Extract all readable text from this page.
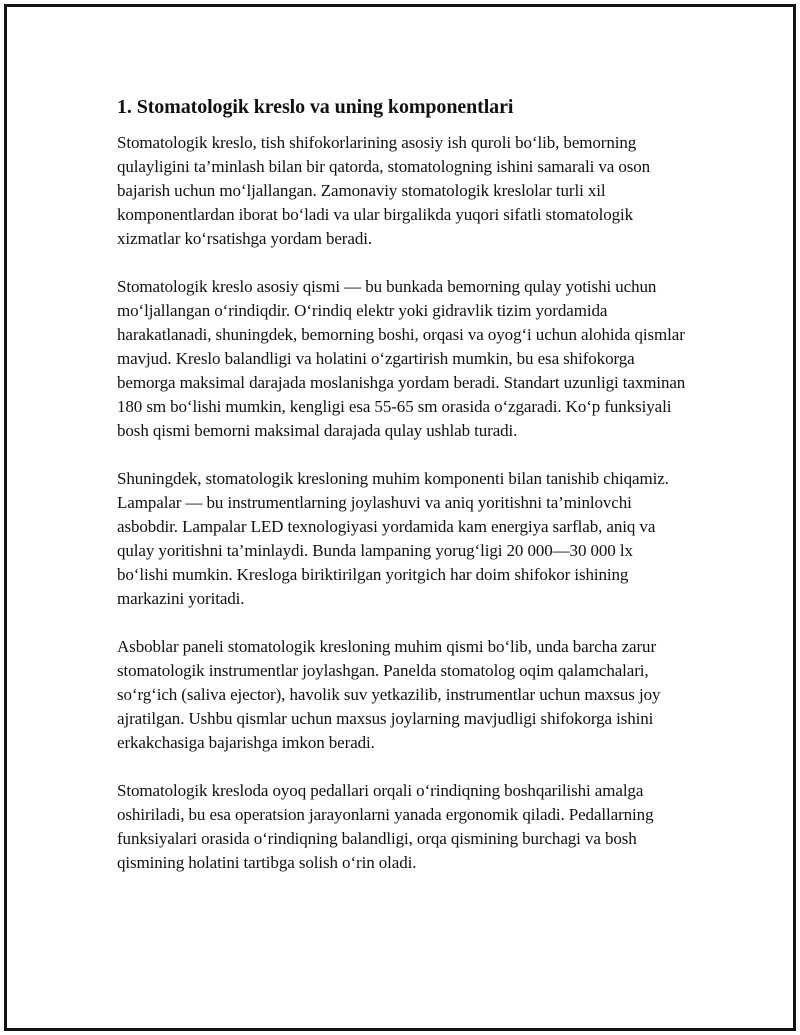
1. Stomatologik kreslo va uning komponentlari

Stomatologik kreslo, tish shifokorlarining asosiy ish quroli bo‘lib, bemorning qulayligini ta’minlash bilan bir qatorda, stomatologning ishini samarali va oson bajarish uchun mo‘ljallangan. Zamonaviy stomatologik kreslolar turli xil komponentlardan iborat bo‘ladi va ular birgalikda yuqori sifatli stomatologik xizmatlar ko‘rsatishga yordam beradi.

Stomatologik kreslo asosiy qismi — bu bunkada bemorning qulay yotishi uchun mo‘ljallangan o‘rindiqdir. O‘rindiq elektr yoki gidravlik tizim yordamida harakatlanadi, shuningdek, bemorning boshi, orqasi va oyog‘i uchun alohida qismlar mavjud. Kreslo balandligi va holatini o‘zgartirish mumkin, bu esa shifokorga bemorga maksimal darajada moslanishga yordam beradi. Standart uzunligi taxminan 180 sm bo‘lishi mumkin, kengligi esa 55-65 sm orasida o‘zgaradi. Ko‘p funksiyali bosh qismi bemorni maksimal darajada qulay ushlab turadi.

Shuningdek, stomatologik kresloning muhim komponenti bilan tanishib chiqamiz. Lampalar — bu instrumentlarning joylashuvi va aniq yoritishni ta’minlovchi asbobdir. Lampalar LED texnologiyasi yordamida kam energiya sarflab, aniq va qulay yoritishni ta’minlaydi. Bunda lampaning yorug‘ligi 20 000—30 000 lx bo‘lishi mumkin. Kresloga biriktirilgan yoritgich har doim shifokor ishining markazini yoritadi.

Asboblar paneli stomatologik kresloning muhim qismi bo‘lib, unda barcha zarur stomatologik instrumentlar joylashgan. Panelda stomatolog oqim qalamchalari, so‘rg‘ich (saliva ejector), havolik suv yetkazilib, instrumentlar uchun maxsus joy ajratilgan. Ushbu qismlar uchun maxsus joylarning mavjudligi shifokorga ishini erkakchasiga bajarishga imkon beradi.

Stomatologik kreslodа oyoq pedallari orqali o‘rindiqning boshqarilishi amalga oshiriladi, bu esa operatsion jarayonlarni yanada ergonomik qiladi. Pedallarning funksiyalari orasida o‘rindiqning balandligi, orqa qismining burchagi va bosh qismining holatini tartibga solish o‘rin oladi.
